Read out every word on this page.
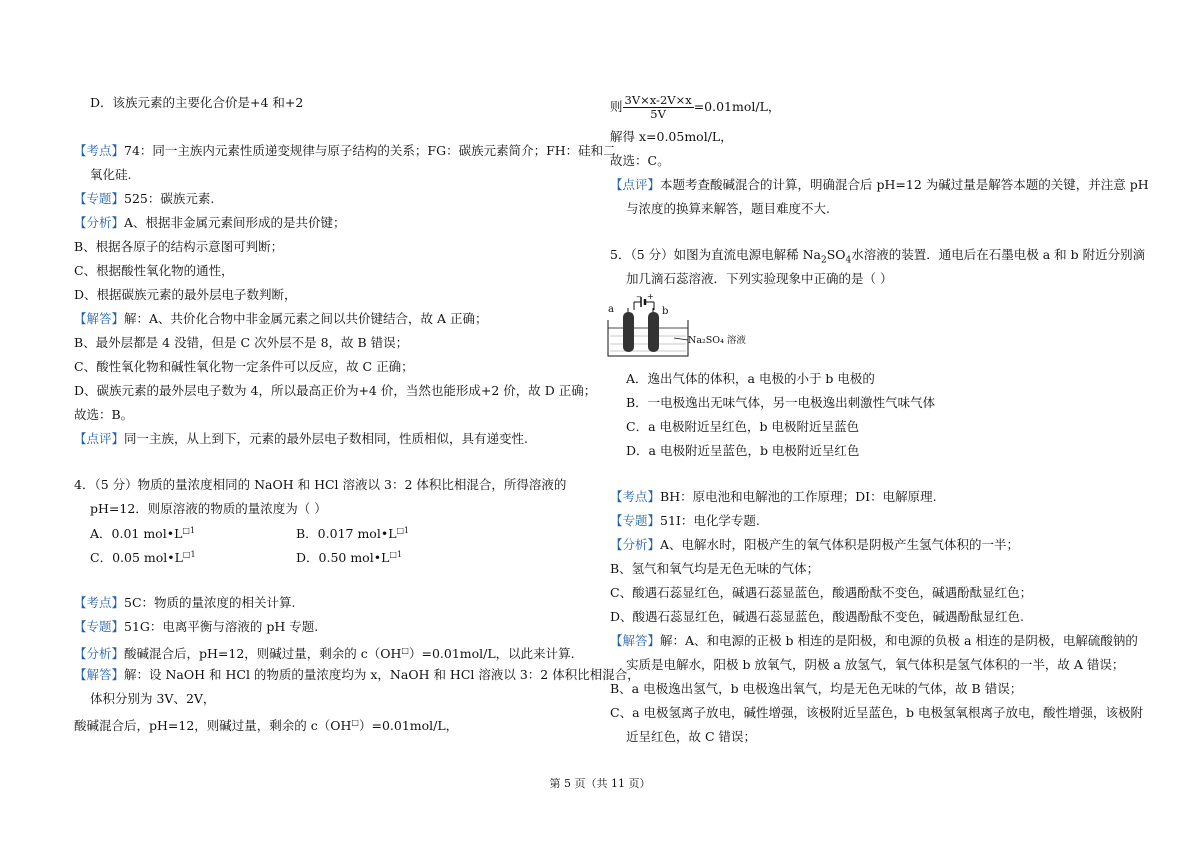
D．该族元素的主要化合价是+4 和+2
【考点】74：同一主族内元素性质递变规律与原子结构的关系；FG：碳族元素简介；FH：硅和二
氧化硅.
【专题】525：碳族元素.
【分析】A、根据非金属元素间形成的是共价键；
B、根据各原子的结构示意图可判断；
C、根据酸性氧化物的通性，
D、根据碳族元素的最外层电子数判断，
【解答】解：A、共价化合物中非金属元素之间以共价键结合，故 A 正确；
B、最外层都是 4 没错，但是 C 次外层不是 8，故 B 错误；
C、酸性氧化物和碱性氧化物一定条件可以反应，故 C 正确；
D、碳族元素的最外层电子数为 4，所以最高正价为+4 价，当然也能形成+2 价，故 D 正确；
故选：B。
【点评】同一主族，从上到下，元素的最外层电子数相同，性质相似，具有递变性.
4．（5 分）物质的量浓度相同的 NaOH 和 HCl 溶液以 3：2 体积比相混合，所得溶液的
pH=12．则原溶液的物质的量浓度为（ ）
A．0.01 $mol•L^{□1}$	B．0.017 $mol•L^{□1}$
C．0.05 $mol•L^{□1}$	D．0.50 $mol•L^{□1}$
【考点】5C：物质的量浓度的相关计算.
【专题】51G：电离平衡与溶液的 pH 专题.
【分析】酸碱混合后，pH=12，则碱过量，剩余的 c（OH□）=0.01mol/L，以此来计算.
【解答】解：设 NaOH 和 HCl 的物质的量浓度均为 x，NaOH 和 HCl 溶液以 3：2 体积比相混合，
体积分别为 3V、2V，
酸碱混合后，pH=12，则碱过量，剩余的 c（OH□）=0.01mol/L，
则 $\frac{3V\times x-2V\times x}{5V} =0.01mol/L$，
解得 x=0.05mol/L，
故选：C。
【点评】本题考查酸碱混合的计算，明确混合后 pH=12 为碱过量是解答本题的关键，并注意 pH
与浓度的换算来解答，题目难度不大.
5．（5 分）如图为直流电源电解稀 $Na_2SO_4$水溶液的装置．通电后在石墨电极 a 和 b 附近分别滴
加几滴石蕊溶液．下列实验现象中正确的是（ ）
− +
a	b
Na₂SO₄ 溶液
A．逸出气体的体积，a 电极的小于 b 电极的
B．一电极逸出无味气体，另一电极逸出刺激性气味气体
C．a 电极附近呈红色，b 电极附近呈蓝色
D．a 电极附近呈蓝色，b 电极附近呈红色
【考点】BH：原电池和电解池的工作原理；DI：电解原理.
【专题】51I：电化学专题.
【分析】A、电解水时，阳极产生的氧气体积是阴极产生氢气体积的一半；
B、氢气和氧气均是无色无味的气体；
C、酸遇石蕊显红色，碱遇石蕊显蓝色，酸遇酚酞不变色，碱遇酚酞显红色；
D、酸遇石蕊显红色，碱遇石蕊显蓝色，酸遇酚酞不变色，碱遇酚酞显红色.
【解答】解：A、和电源的正极 b 相连的是阳极，和电源的负极 a 相连的是阴极，电解硫酸钠的
实质是电解水，阳极 b 放氧气，阴极 a 放氢气，氧气体积是氢气体积的一半，故 A 错误；
B、a 电极逸出氢气，b 电极逸出氧气，均是无色无味的气体，故 B 错误；
C、a 电极氢离子放电，碱性增强，该极附近呈蓝色，b 电极氢氧根离子放电，酸性增强，该极附
近呈红色，故 C 错误；
第 5 页（共 11 页）
